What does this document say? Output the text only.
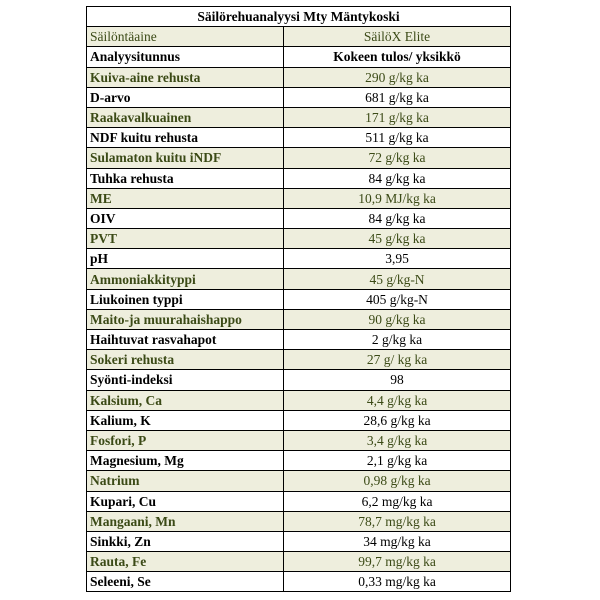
Säilörehuanalyysi Mty Mäntykoski	
Säilöntäaine	SäilöX Elite
Analyysitunnus	Kokeen tulos/ yksikkö
Kuiva-aine rehusta	290 g/kg ka
D-arvo	681 g/kg ka
Raakavalkuainen	171 g/kg ka
NDF kuitu rehusta	511 g/kg ka
Sulamaton kuitu iNDF	72 g/kg ka
Tuhka rehusta	84 g/kg ka
ME	10,9 MJ/kg ka
OIV	84 g/kg ka
PVT	45 g/kg ka
pH	3,95
Ammoniakkityppi	45 g/kg-N
Liukoinen typpi	405 g/kg-N
Maito-ja muurahaishappo	90 g/kg ka
Haihtuvat rasvahapot	2 g/kg ka
Sokeri rehusta	27 g/ kg ka
Syönti-indeksi	98
Kalsium, Ca	4,4 g/kg ka
Kalium, K	28,6 g/kg ka
Fosfori, P	3,4 g/kg ka
Magnesium, Mg	2,1 g/kg ka
Natrium	0,98 g/kg ka
Kupari, Cu	6,2 mg/kg ka
Mangaani, Mn	78,7 mg/kg ka
Sinkki, Zn	34 mg/kg ka
Rauta, Fe	99,7 mg/kg ka
Seleeni, Se	0,33 mg/kg ka
